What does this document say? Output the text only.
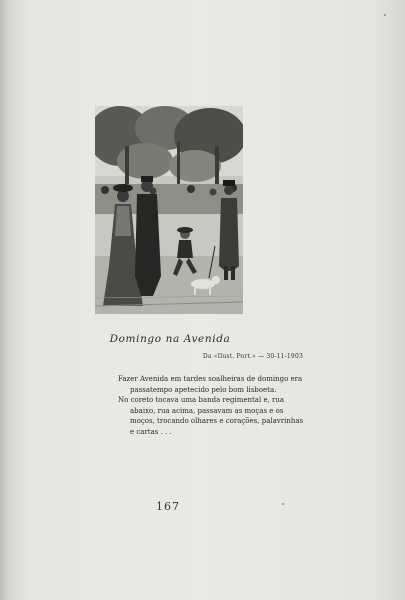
Domingo na Avenida
Da «Ilust. Port.» — 30-11-1903

Fazer Avenida em tardes soalheiras de domingo era passatempo apetecido pelo bom lisboeta.

No coreto tocava uma banda regimental e, rua abaixo, rua acima, passavam as moças e os moços, trocando olhares e corações, palavrinhas e cartas . . .

167
